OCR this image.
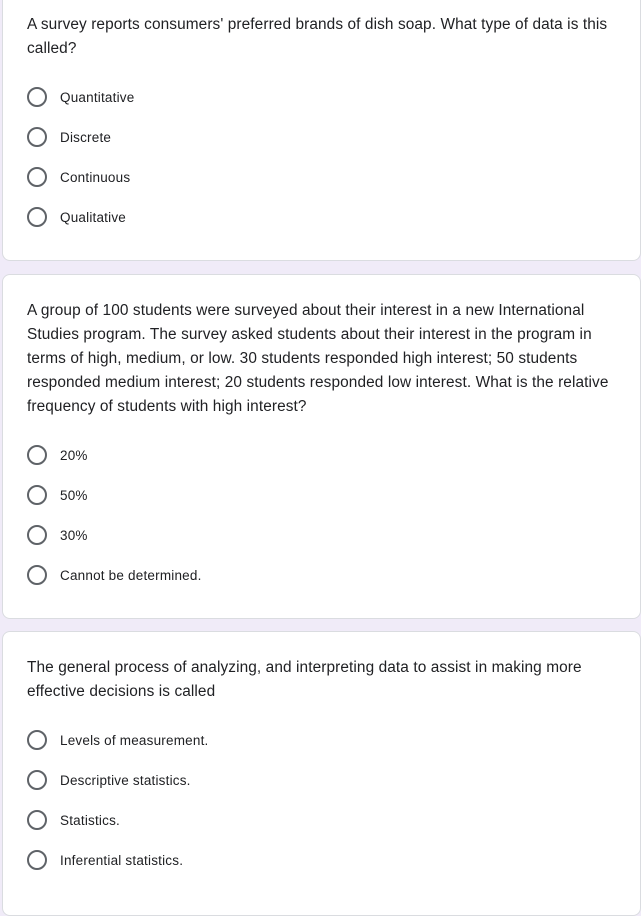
A survey reports consumers' preferred brands of dish soap. What type of data is this called?

Quantitative
Discrete
Continuous
Qualitative

A group of 100 students were surveyed about their interest in a new International Studies program. The survey asked students about their interest in the program in terms of high, medium, or low. 30 students responded high interest; 50 students responded medium interest; 20 students responded low interest. What is the relative frequency of students with high interest?

20%
50%
30%
Cannot be determined.

The general process of analyzing, and interpreting data to assist in making more effective decisions is called

Levels of measurement.
Descriptive statistics.
Statistics.
Inferential statistics.
